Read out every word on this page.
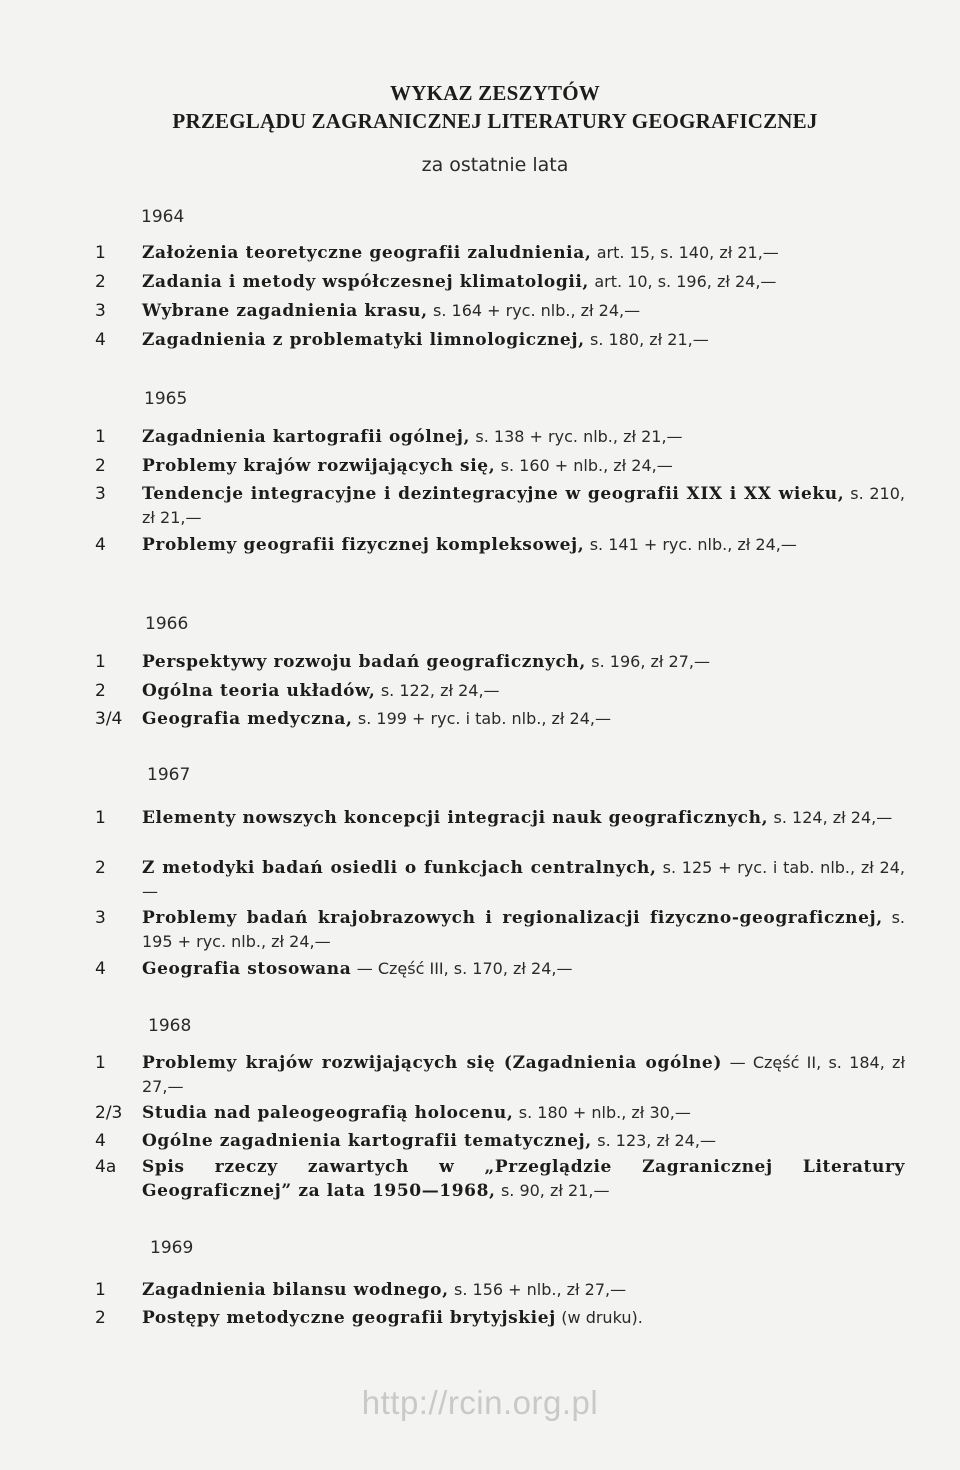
WYKAZ ZESZYTÓW
PRZEGLĄDU ZAGRANICZNEJ LITERATURY GEOGRAFICZNEJ
za ostatnie lata
1964
1	Założenia teoretyczne geografii zaludnienia, art. 15, s. 140, zł 21,—
2	Zadania i metody współczesnej klimatologii, art. 10, s. 196, zł 24,—
3	Wybrane zagadnienia krasu, s. 164 + ryc. nlb., zł 24,—
4	Zagadnienia z problematyki limnologicznej, s. 180, zł 21,—
1965
1	Zagadnienia kartografii ogólnej, s. 138 + ryc. nlb., zł 21,—
2	Problemy krajów rozwijających się, s. 160 + nlb., zł 24,—
3	Tendencje integracyjne i dezintegracyjne w geografii XIX i XX wieku, s. 210, zł 21,—
4	Problemy geografii fizycznej kompleksowej, s. 141 + ryc. nlb., zł 24,—
1966
1	Perspektywy rozwoju badań geograficznych, s. 196, zł 27,—
2	Ogólna teoria układów, s. 122, zł 24,—
3/4	Geografia medyczna, s. 199 + ryc. i tab. nlb., zł 24,—
1967
1	Elementy nowszych koncepcji integracji nauk geograficznych, s. 124, zł 24,—
2	Z metodyki badań osiedli o funkcjach centralnych, s. 125 + ryc. i tab. nlb., zł 24,—
3	Problemy badań krajobrazowych i regionalizacji fizyczno-geograficznej, s. 195 + ryc. nlb., zł 24,—
4	Geografia stosowana — Część III, s. 170, zł 24,—
1968
1	Problemy krajów rozwijających się (Zagadnienia ogólne) — Część II, s. 184, zł 27,—
2/3	Studia nad paleogeografią holocenu, s. 180 + nlb., zł 30,—
4	Ogólne zagadnienia kartografii tematycznej, s. 123, zł 24,—
4a	Spis rzeczy zawartych w „Przeglądzie Zagranicznej Literatury Geograficznej” za lata 1950—1968, s. 90, zł 21,—
1969
1	Zagadnienia bilansu wodnego, s. 156 + nlb., zł 27,—
2	Postępy metodyczne geografii brytyjskiej (w druku).
http://rcin.org.pl
